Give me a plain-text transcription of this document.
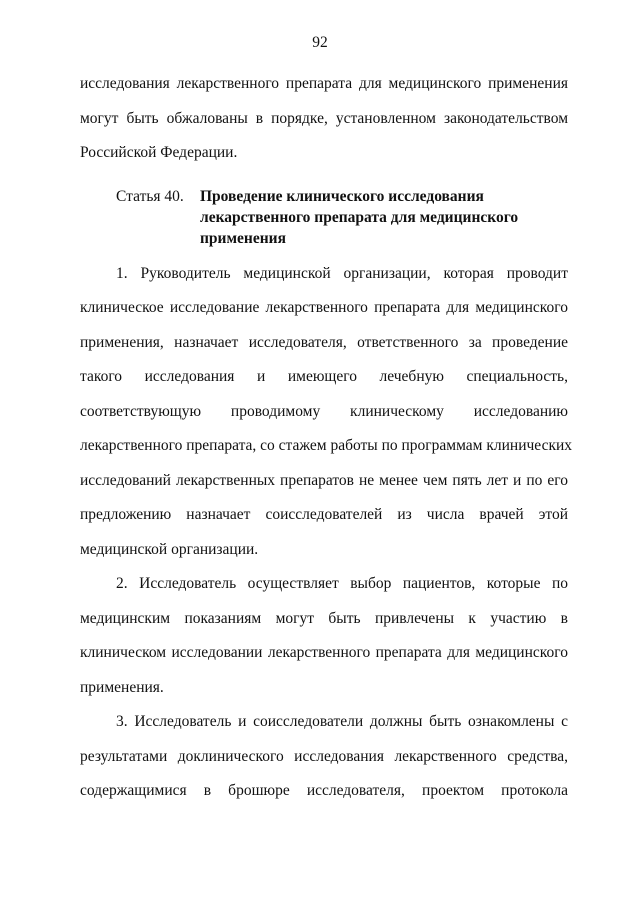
92
исследования лекарственного препарата для медицинского применения
могут быть обжалованы в порядке, установленном законодательством
Российской Федерации.
Статья 40. Проведение клинического исследования
лекарственного препарата для медицинского
применения
1. Руководитель медицинской организации, которая проводит
клиническое исследование лекарственного препарата для медицинского
применения, назначает исследователя, ответственного за проведение
такого исследования и имеющего лечебную специальность,
соответствующую проводимому клиническому исследованию
лекарственного препарата, со стажем работы по программам клинических
исследований лекарственных препаратов не менее чем пять лет и по его
предложению назначает соисследователей из числа врачей этой
медицинской организации.
2. Исследователь осуществляет выбор пациентов, которые по
медицинским показаниям могут быть привлечены к участию в
клиническом исследовании лекарственного препарата для медицинского
применения.
3. Исследователь и соисследователи должны быть ознакомлены с
результатами доклинического исследования лекарственного средства,
содержащимися в брошюре исследователя, проектом протокола
